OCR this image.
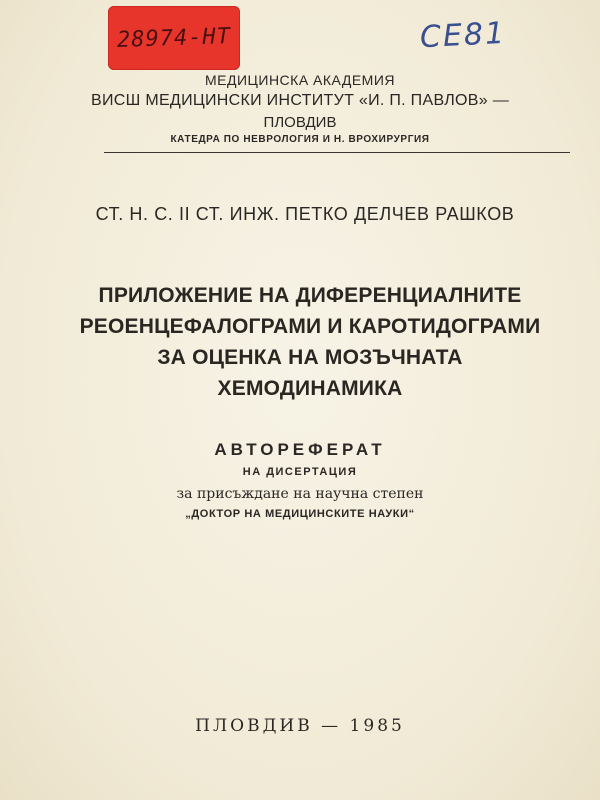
28974-НТ	СЕ81
МЕДИЦИНСКА АКАДЕМИЯ
ВИСШ МЕДИЦИНСКИ ИНСТИТУТ «И. П. ПАВЛОВ» —
ПЛОВДИВ
КАТЕДРА ПО НЕВРОЛОГИЯ И Н. ВРОХИРУРГИЯ
СТ. Н. С. II СТ. ИНЖ. ПЕТКО ДЕЛЧЕВ РАШКОВ
ПРИЛОЖЕНИЕ НА ДИФЕРЕНЦИАЛНИТЕ
РЕОЕНЦЕФАЛОГРАМИ И КАРОТИДОГРАМИ
ЗА ОЦЕНКА НА МОЗЪЧНАТА
ХЕМОДИНАМИКА
АВТОРЕФЕРАТ
НА ДИСЕРТАЦИЯ
за присъждане на научна степен
„ДОКТОР НА МЕДИЦИНСКИТЕ НАУКИ“
ПЛОВДИВ — 1985
